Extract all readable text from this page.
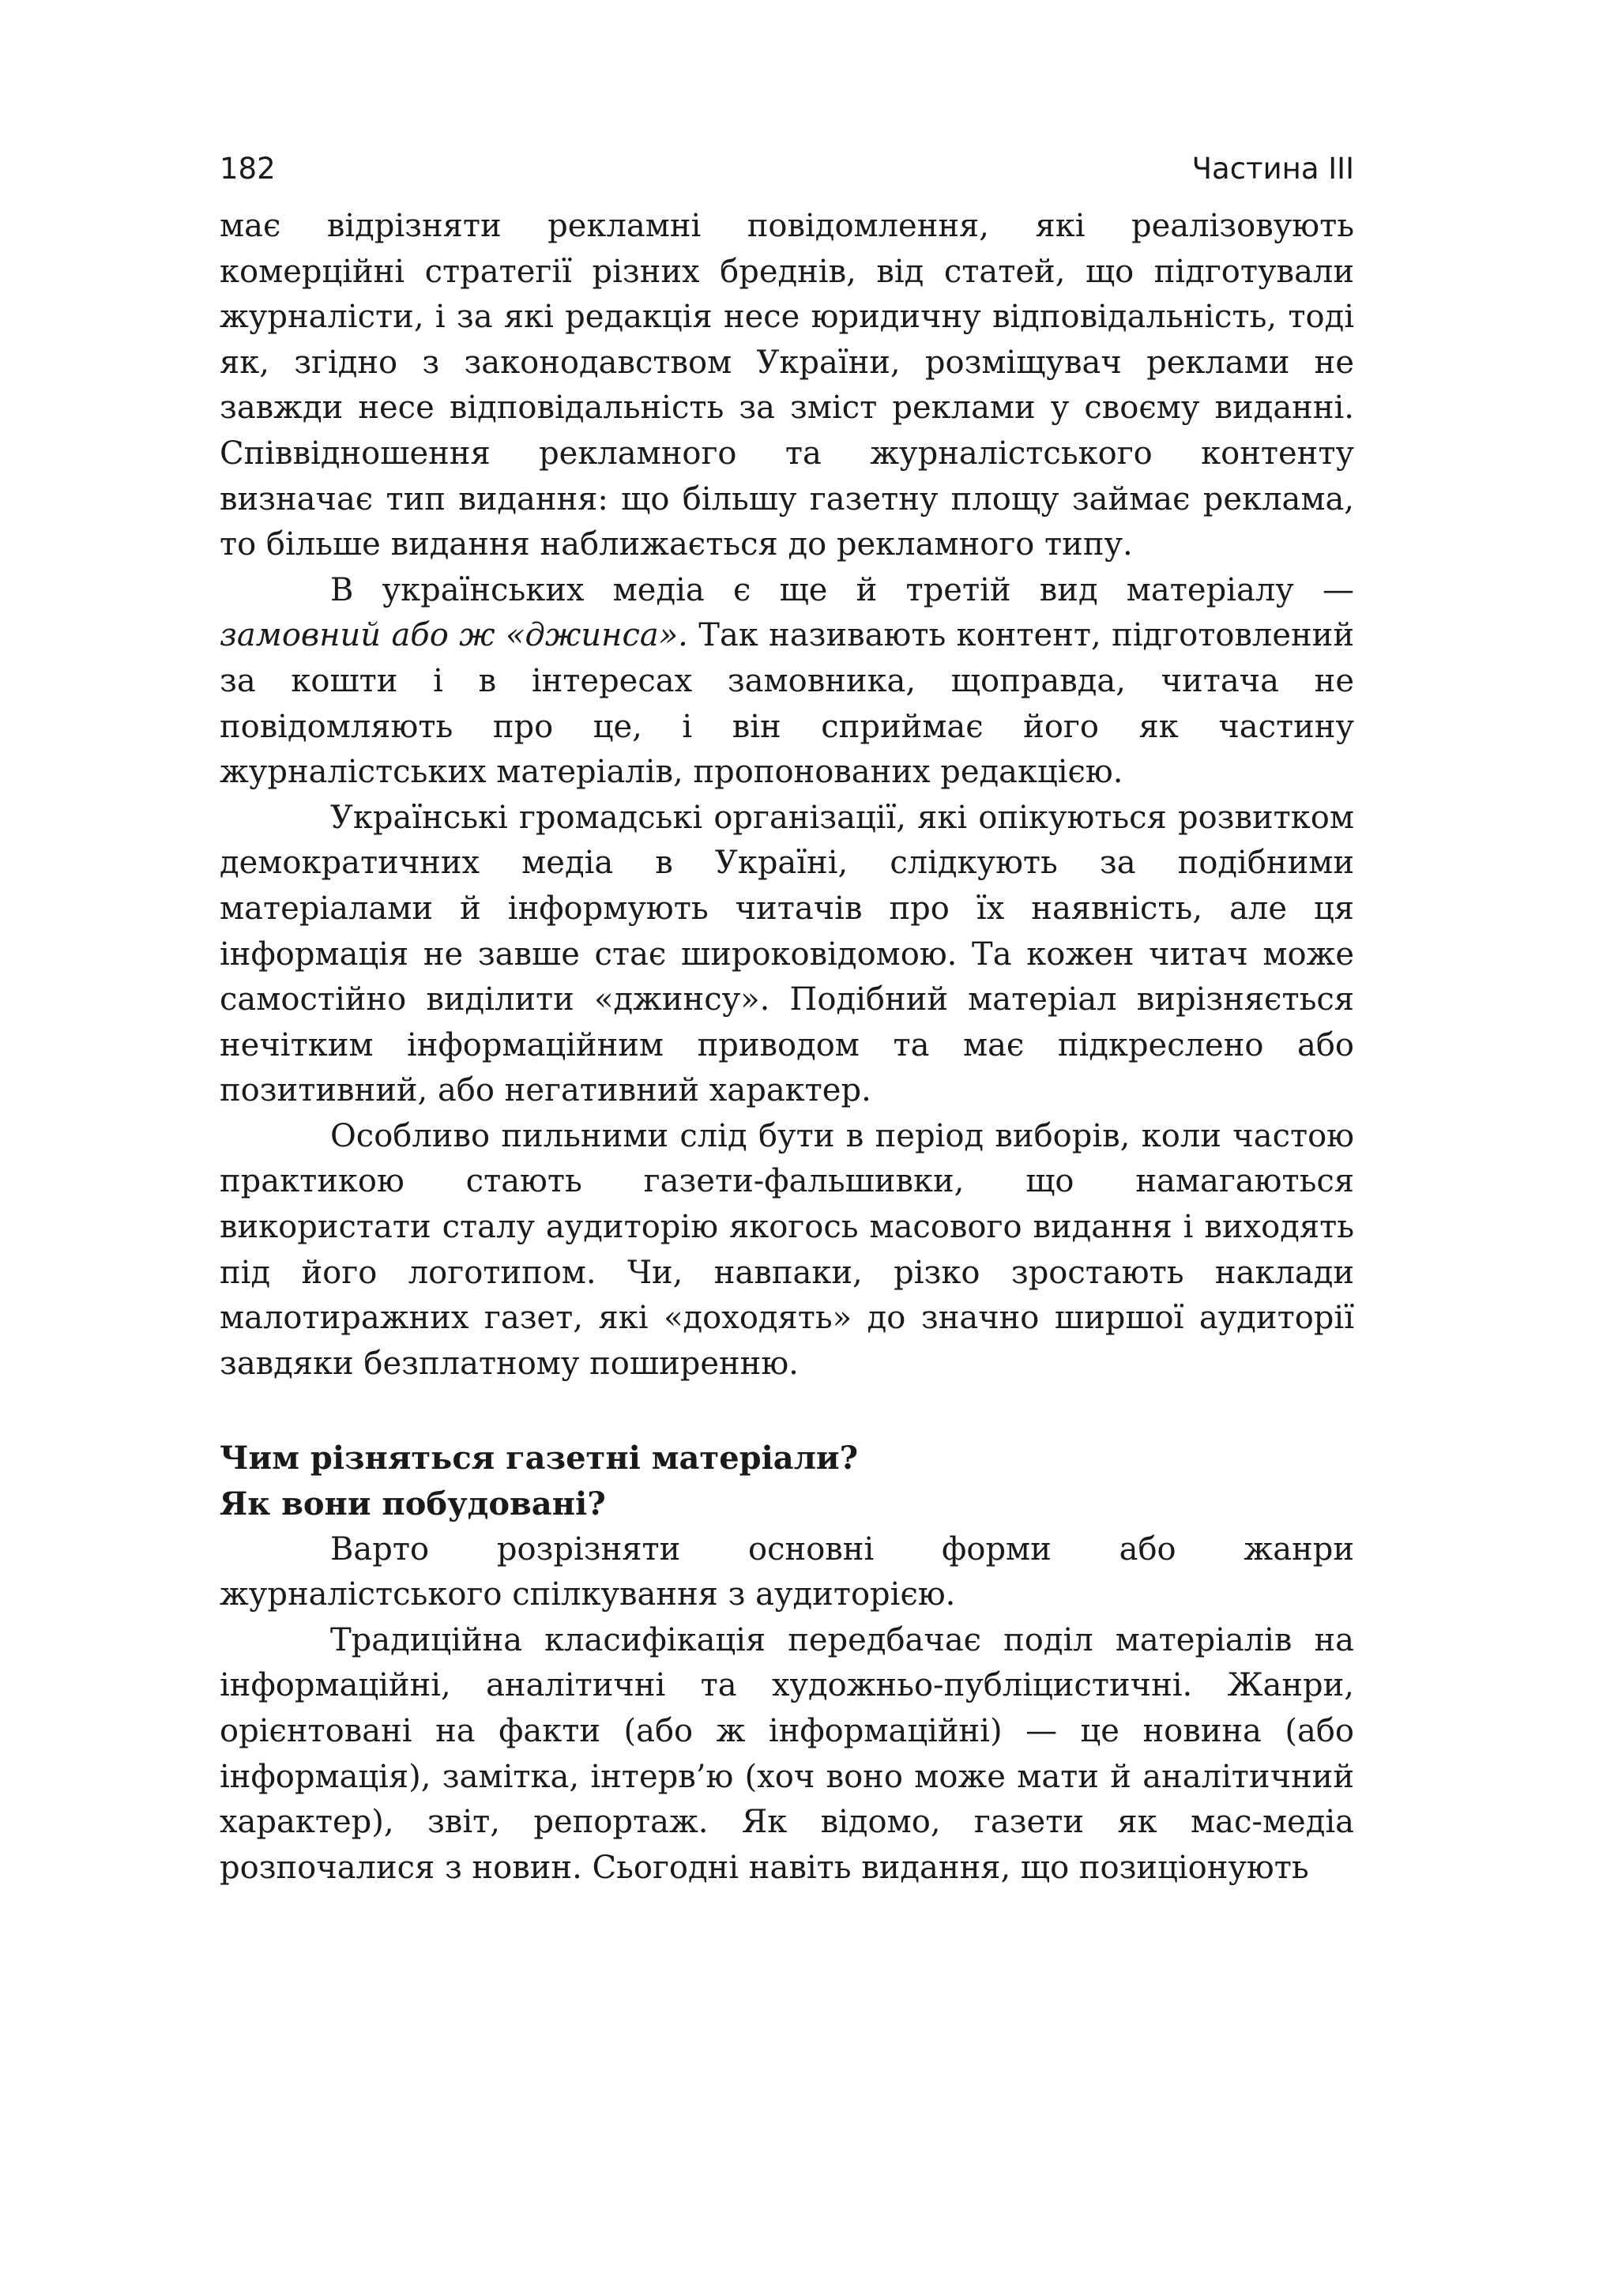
182	Частина III

має відрізняти рекламні повідомлення, які реалізовують комерційні стратегії різних бреднів, від статей, що підготували журналісти, і за які редакція несе юридичну відповідальність, тоді як, згідно з законодавством України, розміщувач реклами не завжди несе відповідальність за зміст реклами у своєму виданні. Співвідношення рекламного та журналістського контенту визначає тип видання: що більшу газетну площу займає реклама, то більше видання наближається до рекламного типу.

В українських медіа є ще й третій вид матеріалу — замовний або ж «джинса». Так називають контент, підготовлений за кошти і в інтересах замовника, щоправда, читача не повідомляють про це, і він сприймає його як частину журналістських матеріалів, пропонованих редакцією.

Українські громадські організації, які опікуються розвитком демократичних медіа в Україні, слідкують за подібними матеріалами й інформують читачів про їх наявність, але ця інформація не завше стає широковідомою. Та кожен читач може самостійно виділити «джинсу». Подібний матеріал вирізняється нечітким інформаційним приводом та має підкреслено або позитивний, або негативний характер.

Особливо пильними слід бути в період виборів, коли частою практикою стають газети-фальшивки, що намагаються використати сталу аудиторію якогось масового видання і виходять під його логотипом. Чи, навпаки, різко зростають наклади малотиражних газет, які «доходять» до значно ширшої аудиторії завдяки безплатному поширенню.

Чим різняться газетні матеріали?
Як вони побудовані?

Варто розрізняти основні форми або жанри журналістського спілкування з аудиторією.

Традиційна класифікація передбачає поділ матеріалів на інформаційні, аналітичні та художньо-публіцистичні. Жанри, орієнтовані на факти (або ж інформаційні) — це новина (або інформація), замітка, інтерв’ю (хоч воно може мати й аналітичний характер), звіт, репортаж. Як відомо, газети як мас-медіа розпочалися з новин. Сьогодні навіть видання, що позиціонують
